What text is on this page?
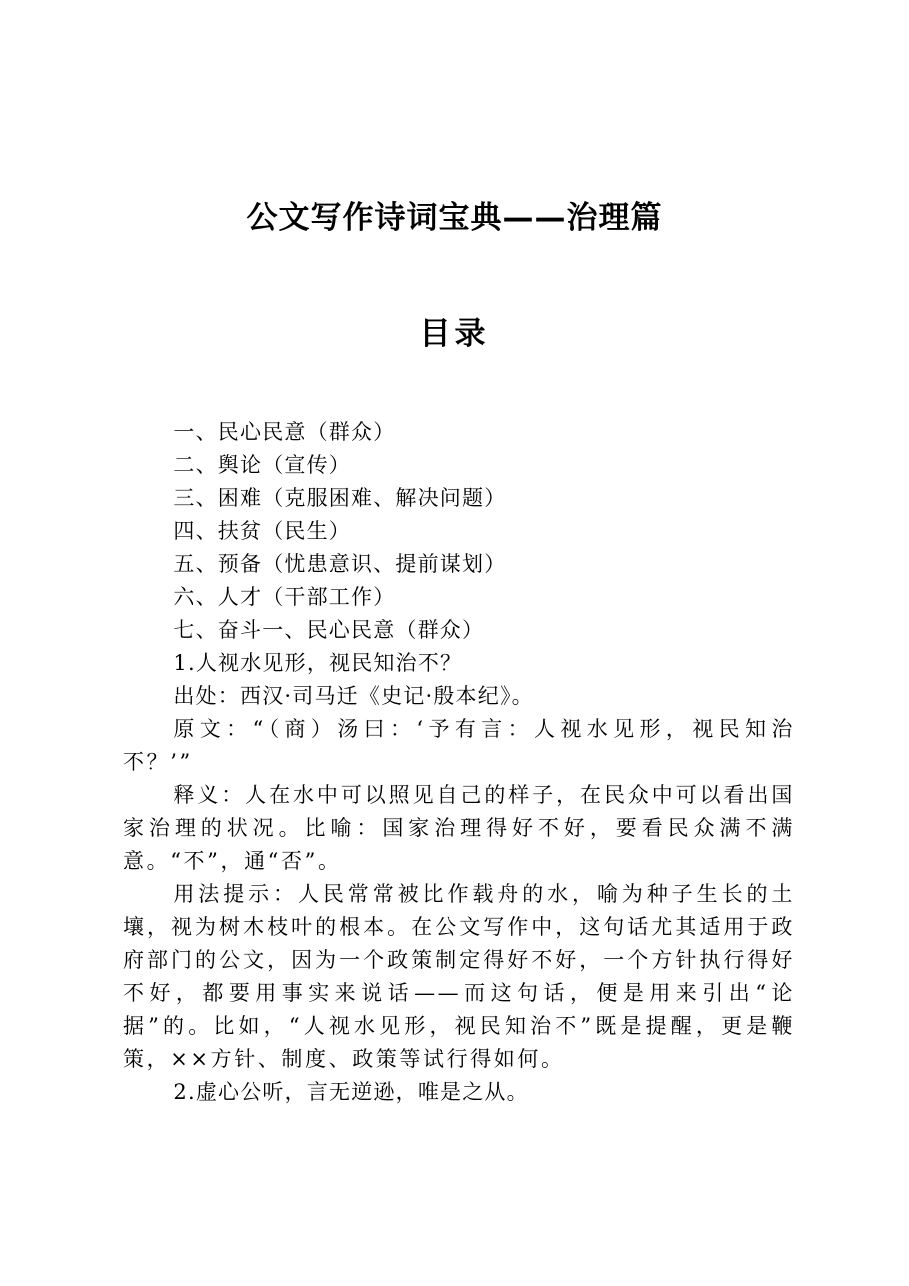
公文写作诗词宝典——治理篇
目录
一、民心民意（群众）
二、舆论（宣传）
三、困难（克服困难、解决问题）
四、扶贫（民生）
五、预备（忧患意识、提前谋划）
六、人才（干部工作）
七、奋斗一、民心民意（群众）

1.人视水见形，视民知治不？

出处：西汉·司马迁《史记·殷本纪》。

原文：“（商）汤曰：‘予有言：人视水见形，视民知治不？’”

释义：人在水中可以照见自己的样子，在民众中可以看出国家治理的状况。比喻：国家治理得好不好，要看民众满不满意。“不”，通“否”。

用法提示：人民常常被比作载舟的水，喻为种子生长的土壤，视为树木枝叶的根本。在公文写作中，这句话尤其适用于政府部门的公文，因为一个政策制定得好不好，一个方针执行得好不好，都要用事实来说话——而这句话，便是用来引出“论据”的。比如，“人视水见形，视民知治不”既是提醒，更是鞭策，××方针、制度、政策等试行得如何。

2.虚心公听，言无逆逊，唯是之从。
